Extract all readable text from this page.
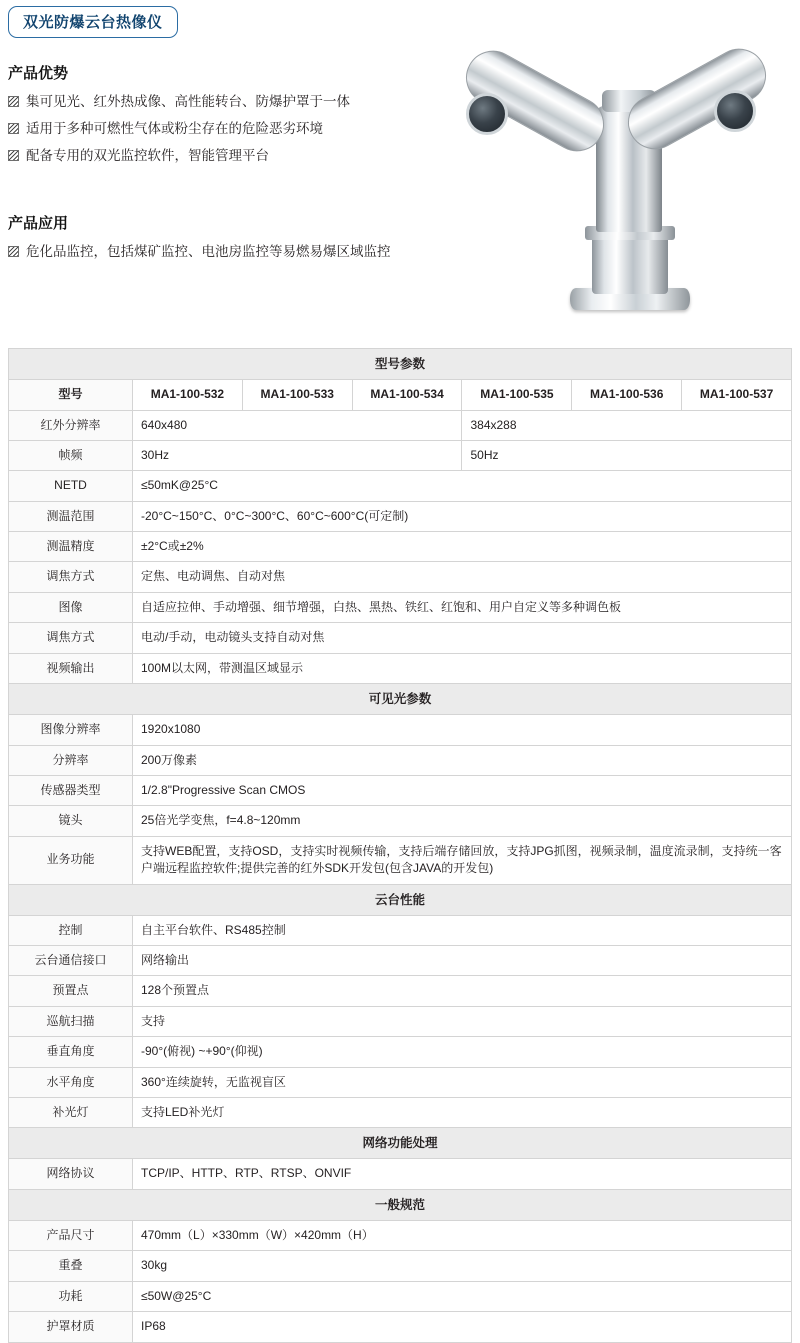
双光防爆云台热像仪
产品优势
集可见光、红外热成像、高性能转台、防爆护罩于一体
适用于多种可燃性气体或粉尘存在的危险恶劣环境
配备专用的双光监控软件，智能管理平台
产品应用
危化品监控，包括煤矿监控、电池房监控等易燃易爆区域监控
型号参数						
型号	MA1-100-532	MA1-100-533	MA1-100-534	MA1-100-535	MA1-100-536	MA1-100-537
红外分辨率	640x480			384x288		
帧频	30Hz			50Hz		
NETD	≤50mK@25°C					
测温范围	-20°C~150°C、0°C~300°C、60°C~600°C(可定制)					
测温精度	±2°C或±2%					
调焦方式	定焦、电动调焦、自动对焦					
图像	自适应拉伸、手动增强、细节增强，白热、黑热、铁红、红饱和、用户自定义等多种调色板					
调焦方式	电动/手动，电动镜头支持自动对焦					
视频输出	100M以太网，带测温区域显示					
可见光参数						
图像分辨率	1920x1080					
分辨率	200万像素					
传感器类型	1/2.8"Progressive Scan CMOS					
镜头	25倍光学变焦，f=4.8~120mm					
业务功能	支持WEB配置，支持OSD，支持实时视频传输，支持后端存储回放，支持JPG抓图，视频录制，温度流录制，支持统一客户端远程监控软件;提供完善的红外SDK开发包(包含JAVA的开发包)					
云台性能						
控制	自主平台软件、RS485控制					
云台通信接口	网络输出					
预置点	128个预置点					
巡航扫描	支持					
垂直角度	-90°(俯视) ~+90°(仰视)					
水平角度	360°连续旋转，无监视盲区					
补光灯	支持LED补光灯					
网络功能处理						
网络协议	TCP/IP、HTTP、RTP、RTSP、ONVIF					
一般规范						
产品尺寸	470mm（L）×330mm（W）×420mm（H）					
重叠	30kg					
功耗	≤50W@25°C					
护罩材质	IP68					
